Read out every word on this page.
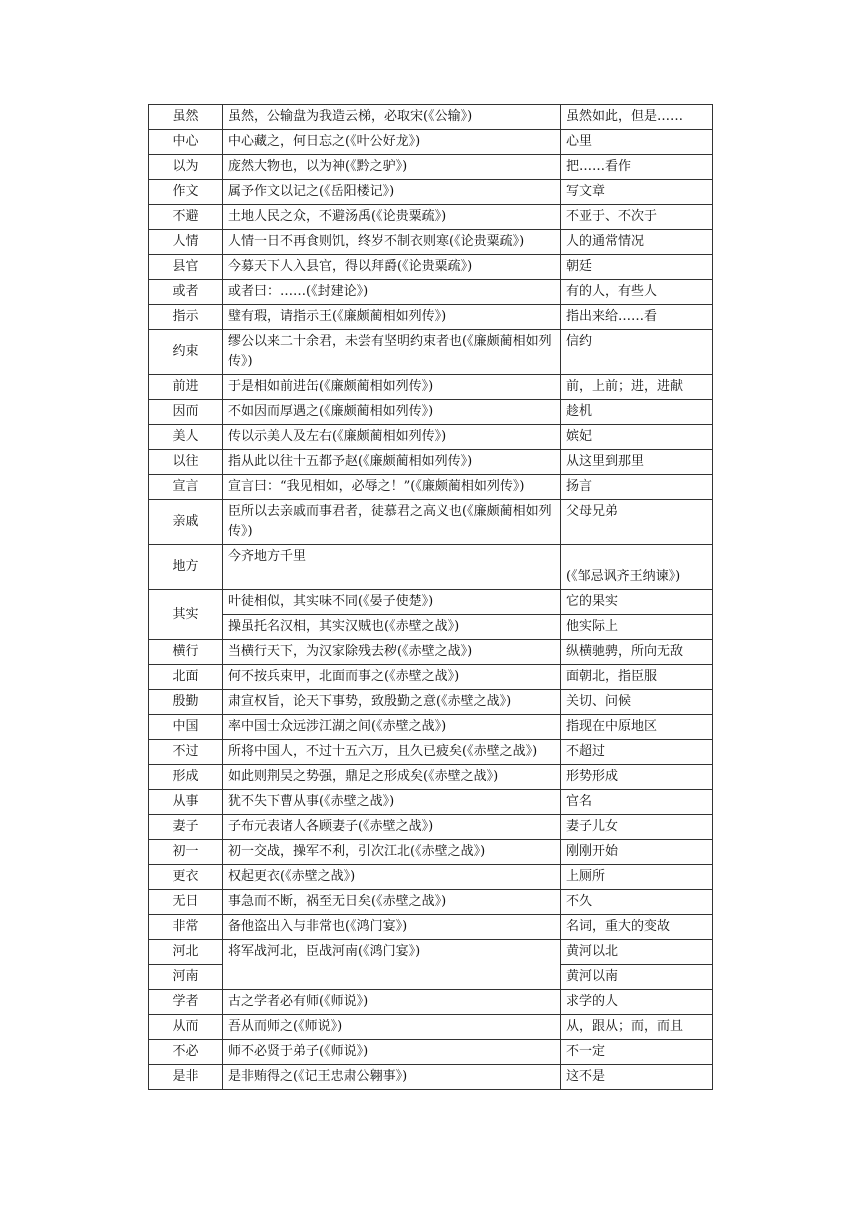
虽然	虽然，公输盘为我造云梯，必取宋(《公输》)	虽然如此，但是……
中心	中心藏之，何日忘之(《叶公好龙》)	心里
以为	庞然大物也，以为神(《黔之驴》)	把……看作
作文	属予作文以记之(《岳阳楼记》)	写文章
不避	土地人民之众，不避汤禹(《论贵粟疏》)	不亚于、不次于
人情	人情一日不再食则饥，终岁不制衣则寒(《论贵粟疏》)	人的通常情况
县官	今募天下人入县官，得以拜爵(《论贵粟疏》)	朝廷
或者	或者曰：……(《封建论》)	有的人，有些人
指示	璧有瑕，请指示王(《廉颇蔺相如列传》)	指出来给……看
约束	缪公以来二十余君，未尝有坚明约束者也(《廉颇蔺相如列传》)	信约
前进	于是相如前进缶(《廉颇蔺相如列传》)	前，上前；进，进献
因而	不如因而厚遇之(《廉颇蔺相如列传》)	趁机
美人	传以示美人及左右(《廉颇蔺相如列传》)	嫔妃
以往	指从此以往十五都予赵(《廉颇蔺相如列传》)	从这里到那里
宣言	宣言曰：“我见相如，必辱之！”(《廉颇蔺相如列传》)	扬言
亲戚	臣所以去亲戚而事君者，徒慕君之高义也(《廉颇蔺相如列传》)	父母兄弟
地方	今齐地方千里	(《邹忌讽齐王纳谏》)
其实	叶徒相似，其实味不同(《晏子使楚》)	它的果实
	操虽托名汉相，其实汉贼也(《赤壁之战》)	他实际上
横行	当横行天下，为汉家除残去秽(《赤壁之战》)	纵横驰骋，所向无敌
北面	何不按兵束甲，北面而事之(《赤壁之战》)	面朝北，指臣服
殷勤	肃宣权旨，论天下事势，致殷勤之意(《赤壁之战》)	关切、问候
中国	率中国士众远涉江湖之间(《赤壁之战》)	指现在中原地区
不过	所将中国人，不过十五六万，且久已疲矣(《赤壁之战》)	不超过
形成	如此则荆吴之势强，鼎足之形成矣(《赤壁之战》)	形势形成
从事	犹不失下曹从事(《赤壁之战》)	官名
妻子	子布元表诸人各顾妻子(《赤壁之战》)	妻子儿女
初一	初一交战，操军不利，引次江北(《赤壁之战》)	刚刚开始
更衣	权起更衣(《赤壁之战》)	上厕所
无日	事急而不断，祸至无日矣(《赤壁之战》)	不久
非常	备他盗出入与非常也(《鸿门宴》)	名词，重大的变故
河北	将军战河北，臣战河南(《鸿门宴》)	黄河以北
河南		黄河以南
学者	古之学者必有师(《师说》)	求学的人
从而	吾从而师之(《师说》)	从，跟从；而，而且
不必	师不必贤于弟子(《师说》)	不一定
是非	是非贿得之(《记王忠肃公翱事》)	这不是
